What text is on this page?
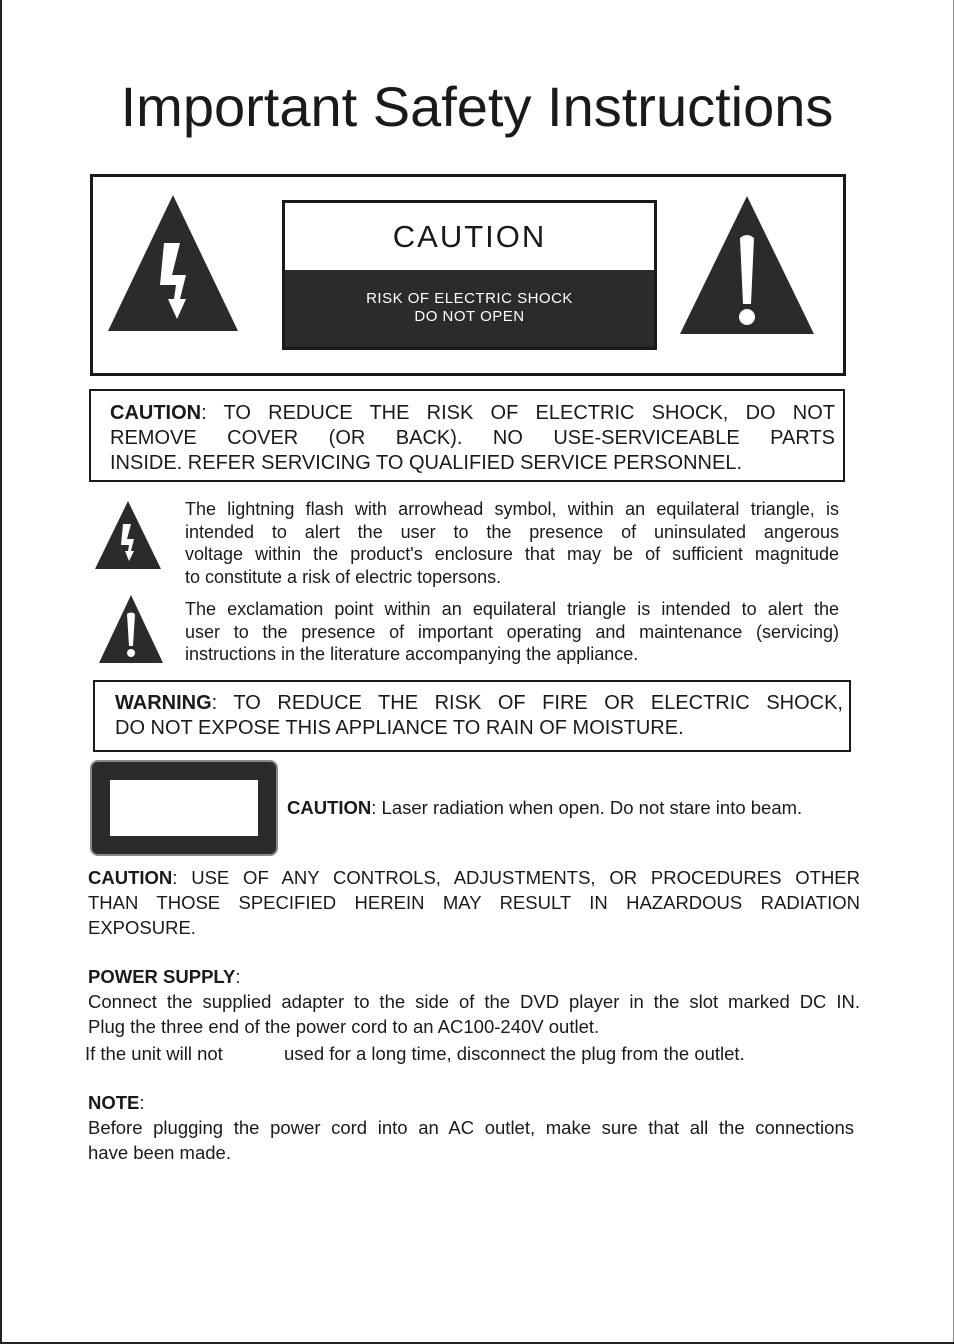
Important Safety Instructions
CAUTION
RISK OF ELECTRIC SHOCK
DO NOT OPEN
CAUTION: TO REDUCE THE RISK OF ELECTRIC SHOCK, DO NOT
REMOVE COVER (OR BACK). NO USE-SERVICEABLE PARTS
INSIDE. REFER SERVICING TO QUALIFIED SERVICE PERSONNEL.
The lightning flash with arrowhead symbol, within an equilateral triangle, is
intended to alert the user to the presence of uninsulated angerous
voltage within the product's enclosure that may be of sufficient magnitude
to constitute a risk of electric topersons.
The exclamation point within an equilateral triangle is intended to alert the
user to the presence of important operating and maintenance (servicing)
instructions in the literature accompanying the appliance.
WARNING: TO REDUCE THE RISK OF FIRE OR ELECTRIC SHOCK,
DO NOT EXPOSE THIS APPLIANCE TO RAIN OF MOISTURE.
CAUTION: Laser radiation when open. Do not stare into beam.
CAUTION: USE OF ANY CONTROLS, ADJUSTMENTS, OR PROCEDURES OTHER
THAN THOSE SPECIFIED HEREIN MAY RESULT IN HAZARDOUS RADIATION
EXPOSURE.
POWER SUPPLY:
Connect the supplied adapter to the side of the DVD player in the slot marked DC IN.
Plug the three end of the power cord to an AC100-240V outlet.
If the unit will not	used for a long time, disconnect the plug from the outlet.
NOTE:
Before plugging the power cord into an AC outlet, make sure that all the connections
have been made.
